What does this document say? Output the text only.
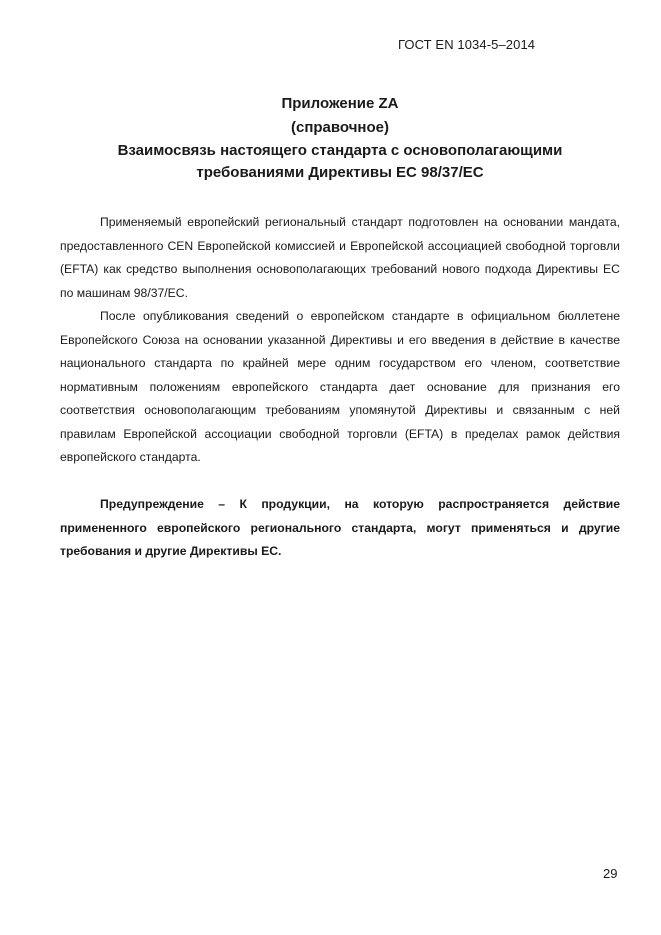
ГОСТ EN 1034-5–2014
Приложение ZA
(справочное)
Взаимосвязь настоящего стандарта с основополагающими
требованиями Директивы ЕС 98/37/ЕС

Применяемый европейский региональный стандарт подготовлен на основании мандата, предоставленного CEN Европейской комиссией и Европейской ассоциацией свободной торговли (EFTA) как средство выполнения основополагающих требований нового подхода Директивы ЕС по машинам 98/37/ЕС.

После опубликования сведений о европейском стандарте в официальном бюллетене Европейского Союза на основании указанной Директивы и его введения в действие в качестве национального стандарта по крайней мере одним государством его членом, соответствие нормативным положениям европейского стандарта дает основание для признания его соответствия основополагающим требованиям упомянутой Директивы и связанным с ней правилам Европейской ассоциации свободной торговли (EFTA) в пределах рамок действия европейского стандарта.

Предупреждение – К продукции, на которую распространяется действие примененного европейского регионального стандарта, могут применяться и другие требования и другие Директивы ЕС.

29
